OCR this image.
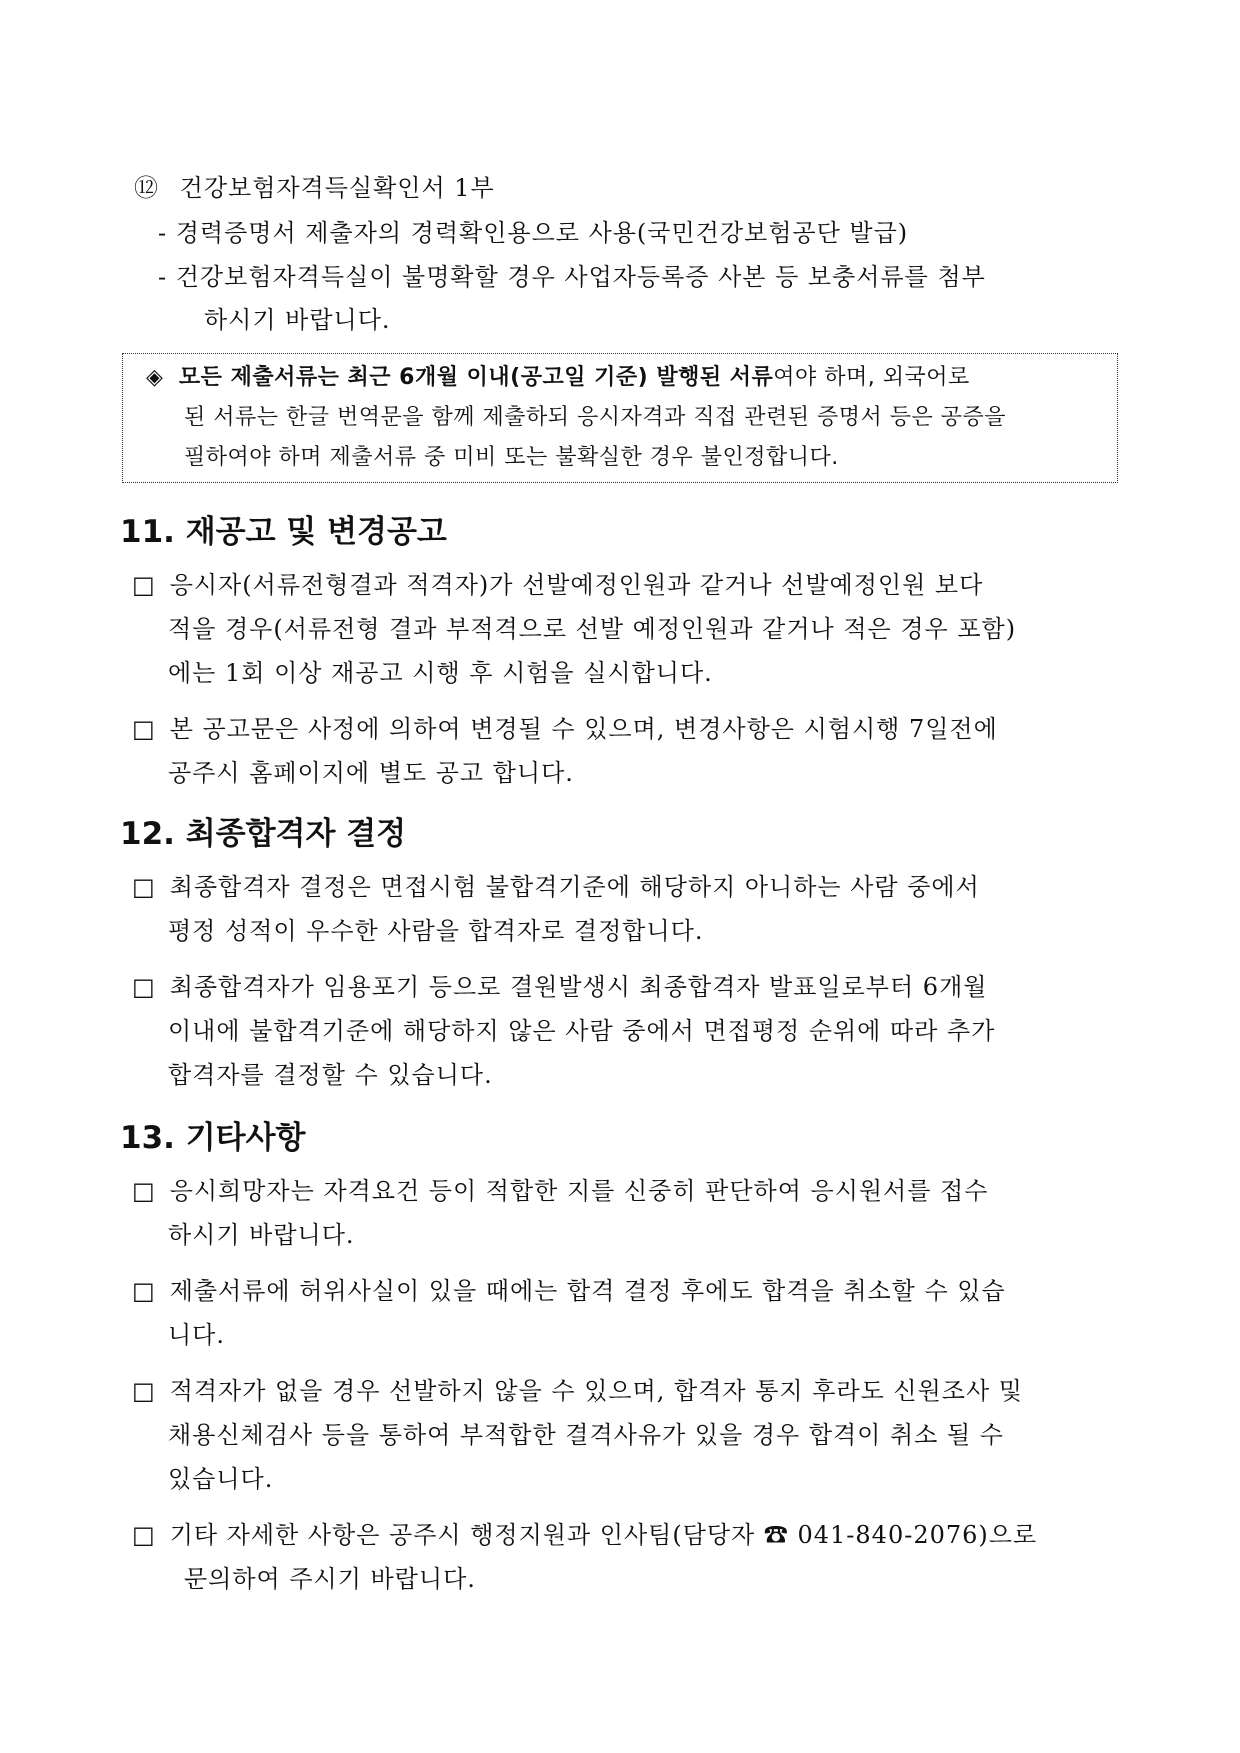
⑫ 건강보험자격득실확인서 1부
- 경력증명서 제출자의 경력확인용으로 사용(국민건강보험공단 발급)
- 건강보험자격득실이 불명확할 경우 사업자등록증 사본 등 보충서류를 첨부
하시기 바랍니다.
◈ 모든 제출서류는 최근 6개월 이내(공고일 기준) 발행된 서류여야 하며, 외국어로
된 서류는 한글 번역문을 함께 제출하되 응시자격과 직접 관련된 증명서 등은 공증을
필하여야 하며 제출서류 중 미비 또는 불확실한 경우 불인정합니다.
11. 재공고 및 변경공고
□ 응시자(서류전형결과 적격자)가 선발예정인원과 같거나 선발예정인원 보다
적을 경우(서류전형 결과 부적격으로 선발 예정인원과 같거나 적은 경우 포함)
에는 1회 이상 재공고 시행 후 시험을 실시합니다.
□ 본 공고문은 사정에 의하여 변경될 수 있으며, 변경사항은 시험시행 7일전에
공주시 홈페이지에 별도 공고 합니다.
12. 최종합격자 결정
□ 최종합격자 결정은 면접시험 불합격기준에 해당하지 아니하는 사람 중에서
평정 성적이 우수한 사람을 합격자로 결정합니다.
□ 최종합격자가 임용포기 등으로 결원발생시 최종합격자 발표일로부터 6개월
이내에 불합격기준에 해당하지 않은 사람 중에서 면접평정 순위에 따라 추가
합격자를 결정할 수 있습니다.
13. 기타사항
□ 응시희망자는 자격요건 등이 적합한 지를 신중히 판단하여 응시원서를 접수
하시기 바랍니다.
□ 제출서류에 허위사실이 있을 때에는 합격 결정 후에도 합격을 취소할 수 있습
니다.
□ 적격자가 없을 경우 선발하지 않을 수 있으며, 합격자 통지 후라도 신원조사 및
채용신체검사 등을 통하여 부적합한 결격사유가 있을 경우 합격이 취소 될 수
있습니다.
□ 기타 자세한 사항은 공주시 행정지원과 인사팀(담당자 ☎ 041-840-2076)으로
문의하여 주시기 바랍니다.
